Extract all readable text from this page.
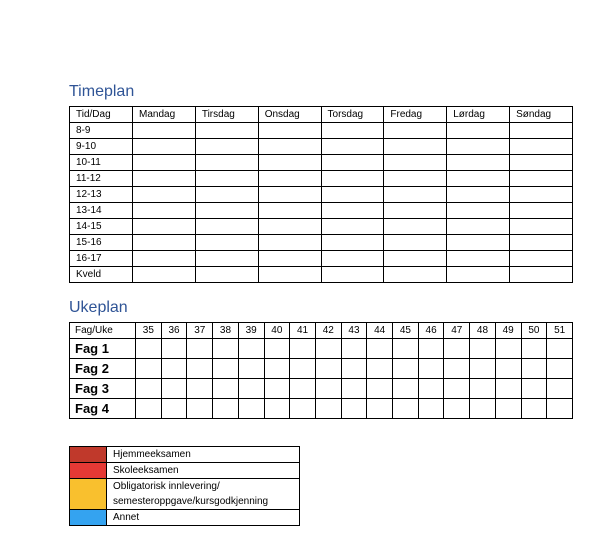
Timeplan
Tid/Dag	Mandag	Tirsdag	Onsdag	Torsdag	Fredag	Lørdag	Søndag
8-9							
9-10							
10-11							
11-12							
12-13							
13-14							
14-15							
15-16							
16-17							
Kveld							
Ukeplan
Fag/Uke	35	36	37	38	39	40	41	42	43	44	45	46	47	48	49	50	51
Fag 1																	
Fag 2																	
Fag 3																	
Fag 4																	
	Hjemmeeksamen
	Skoleeksamen
	Obligatorisk innlevering/ semesteroppgave/kursgodkjenning
	Annet
